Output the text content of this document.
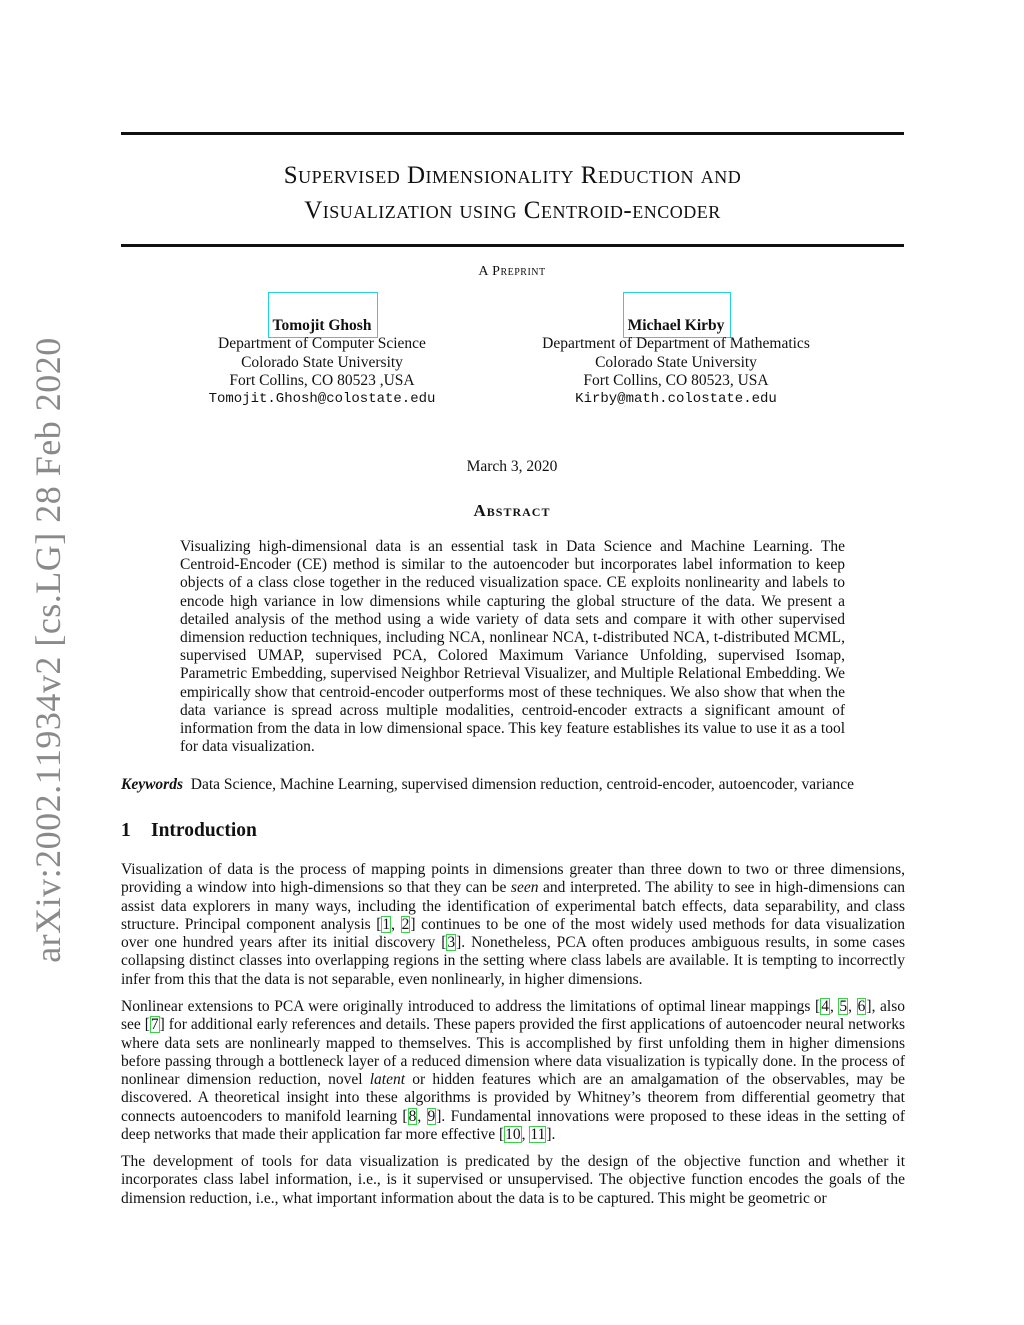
arXiv:2002.11934v2 [cs.LG] 28 Feb 2020
Supervised Dimensionality Reduction and
Visualization using Centroid-encoder
A Preprint
Tomojit Ghosh
Department of Computer Science
Colorado State University
Fort Collins, CO 80523 ,USA
Tomojit.Ghosh@colostate.edu
Michael Kirby
Department of Department of Mathematics
Colorado State University
Fort Collins, CO 80523, USA
Kirby@math.colostate.edu
March 3, 2020
Abstract
Visualizing high-dimensional data is an essential task in Data Science and Machine Learning. The Centroid-Encoder (CE) method is similar to the autoencoder but incorporates label information to keep objects of a class close together in the reduced visualization space. CE exploits nonlinearity and labels to encode high variance in low dimensions while capturing the global structure of the data. We present a detailed analysis of the method using a wide variety of data sets and compare it with other supervised dimension reduction techniques, including NCA, nonlinear NCA, t-distributed NCA, t-distributed MCML, supervised UMAP, supervised PCA, Colored Maximum Variance Unfolding, supervised Isomap, Parametric Embedding, supervised Neighbor Retrieval Visualizer, and Multiple Relational Embedding. We empirically show that centroid-encoder outperforms most of these techniques. We also show that when the data variance is spread across multiple modalities, centroid-encoder extracts a significant amount of information from the data in low dimensional space. This key feature establishes its value to use it as a tool for data visualization.
Keywords Data Science, Machine Learning, supervised dimension reduction, centroid-encoder, autoencoder, variance
1 Introduction
Visualization of data is the process of mapping points in dimensions greater than three down to two or three dimensions, providing a window into high-dimensions so that they can be seen and interpreted. The ability to see in high-dimensions can assist data explorers in many ways, including the identification of experimental batch effects, data separability, and class structure. Principal component analysis [1, 2] continues to be one of the most widely used methods for data visualization over one hundred years after its initial discovery [3]. Nonetheless, PCA often produces ambiguous results, in some cases collapsing distinct classes into overlapping regions in the setting where class labels are available. It is tempting to incorrectly infer from this that the data is not separable, even nonlinearly, in higher dimensions.
Nonlinear extensions to PCA were originally introduced to address the limitations of optimal linear mappings [4, 5, 6], also see [7] for additional early references and details. These papers provided the first applications of autoencoder neural networks where data sets are nonlinearly mapped to themselves. This is accomplished by first unfolding them in higher dimensions before passing through a bottleneck layer of a reduced dimension where data visualization is typically done. In the process of nonlinear dimension reduction, novel latent or hidden features which are an amalgamation of the observables, may be discovered. A theoretical insight into these algorithms is provided by Whitney’s theorem from differential geometry that connects autoencoders to manifold learning [8, 9]. Fundamental innovations were proposed to these ideas in the setting of deep networks that made their application far more effective [10, 11].
The development of tools for data visualization is predicated by the design of the objective function and whether it incorporates class label information, i.e., is it supervised or unsupervised. The objective function encodes the goals of the dimension reduction, i.e., what important information about the data is to be captured. This might be geometric or
